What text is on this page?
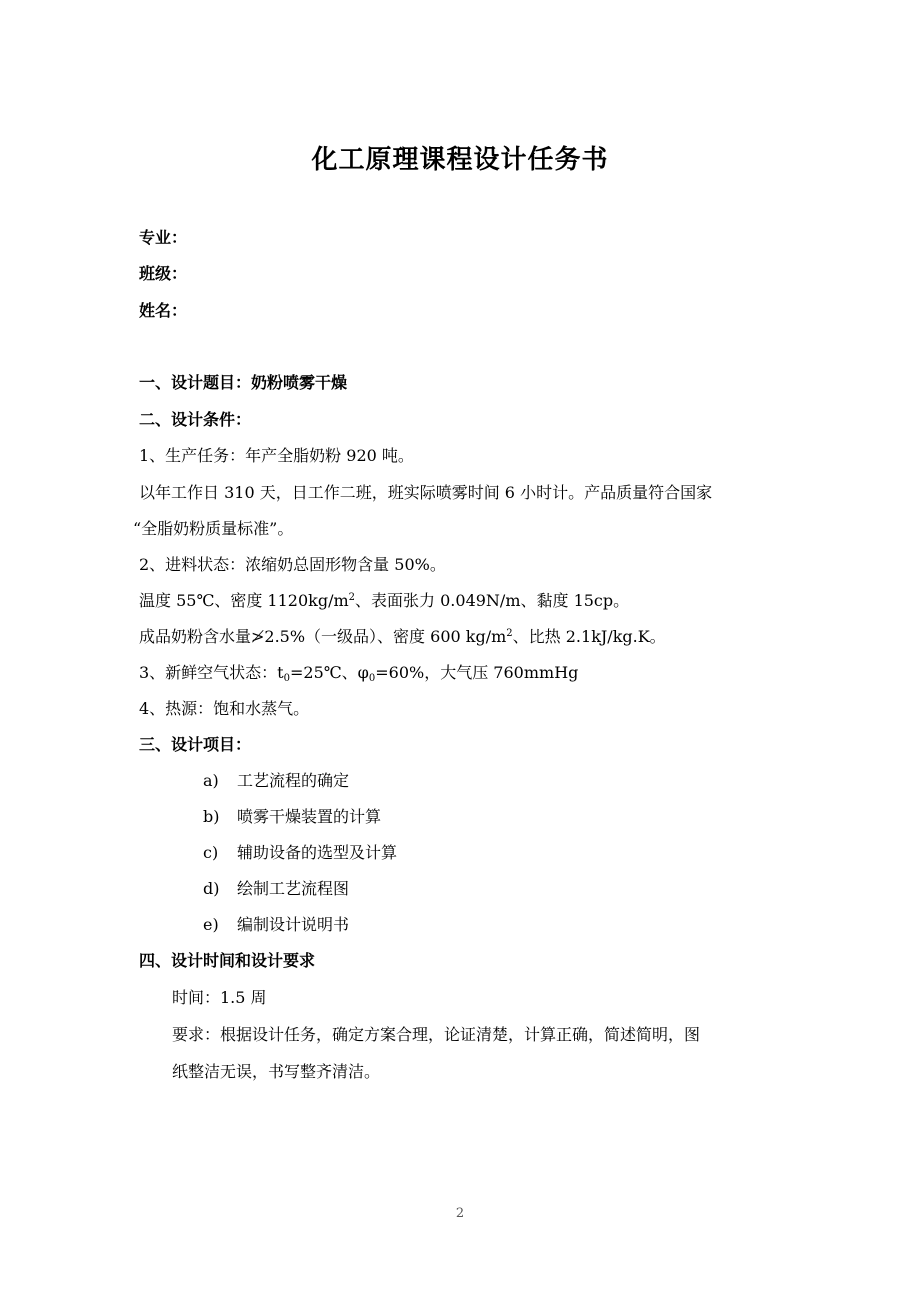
化工原理课程设计任务书
专业：
班级：
姓名：
一、设计题目：奶粉喷雾干燥
二、设计条件：
1、生产任务：年产全脂奶粉 920 吨。
以年工作日 310 天，日工作二班，班实际喷雾时间 6 小时计。产品质量符合国家
“全脂奶粉质量标准”。
2、进料状态：浓缩奶总固形物含量 50%。
温度 55℃、密度 $1120kg/m^2$、表面张力 0.049N/m、黏度 15cp。
成品奶粉含水量≯2.5%（一级品）、密度 600 $kg/m^2$、比热 2.1kJ/kg.K。
3、新鲜空气状态：$t_0=25℃$、$\varphi_0=60\%$，大气压 760mmHg
4、热源：饱和水蒸气。
三、设计项目：
a) 工艺流程的确定
b) 喷雾干燥装置的计算
c) 辅助设备的选型及计算
d) 绘制工艺流程图
e) 编制设计说明书
四、设计时间和设计要求
时间：1.5 周
要求：根据设计任务，确定方案合理，论证清楚，计算正确，简述简明，图
纸整洁无误，书写整齐清洁。
2
